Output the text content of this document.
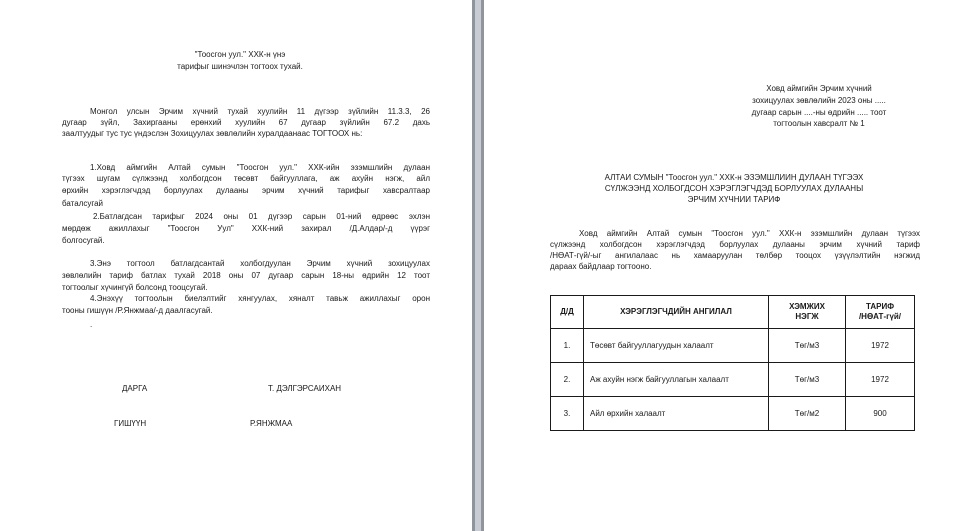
"Тоосгон уул." ХХК-н үнэ
тарифыг шинэчлэн тогтоох тухай.
Монгол улсын Эрчим хүчний тухай хуулийн 11 дүгээр зүйлийн 11.3.3, 26
дугаар зүйл, Захиргааны ерөнхий хуулийн 67 дугаар зүйлийн 67.2 дахь
заалтуудыг тус тус үндэслэн Зохицуулах зөвлөлийн хуралдаанаас ТОГТООХ нь:
1.Ховд аймгийн Алтай сумын "Тоосгон уул." ХХК-ийн эзэмшлийн дулаан
түгээх шугам сүлжээнд холбогдсон төсөвт байгууллага, аж ахуйн нэгж, айл
өрхийн хэрэглэгчдэд борлуулах дулааны эрчим хүчний тарифыг хавсралтаар
баталсугай
2.Батлагдсан тарифыг 2024 оны 01 дүгээр сарын 01-ний өдрөөс эхлэн
мөрдөж ажиллахыг "Тоосгон Уул" ХХК-ний захирал /Д.Алдар/-д үүрэг
болгосугай.
3.Энэ тогтоол батлагдсантай холбогдуулан Эрчим хүчний зохицуулах
зөвлөлийн тариф батлах тухай 2018 оны 07 дугаар сарын 18-ны өдрийн 12 тоот
тогтоолыг хүчингүй болсонд тооцсугай.
4.Энэхүү тогтоолын биелэлтийг хянгуулах, хяналт тавьж ажиллахыг орон
тооны гишүүн /Р.Янжмаа/-д даалгасугай.
.
ДАРГА	Т. ДЭЛГЭРСАИХАН
ГИШҮҮН	Р.ЯНЖМАА
Ховд аймгийн Эрчим хүчний
зохицуулах зөвлөлийн 2023 оны .....
дугаар сарын ....-ны өдрийн ..... тоот
тогтоолын хавсралт № 1
АЛТАИ СУМЫН "Тоосгон уул." ХХК-н ЭЗЭМШЛИИН ДУЛААН ТҮГЭЭХ
СҮЛЖЭЭНД ХОЛБОГДСОН ХЭРЭГЛЭГЧДЭД БОРЛУУЛАХ ДУЛААНЫ
ЭРЧИМ ХҮЧНИИ ТАРИФ
Ховд аймгийн Алтай сумын "Тоосгон уул." ХХК-н эзэмшлийн дулаан түгээх
сүлжээнд холбогдсон хэрэглэгчдэд борлуулах дулааны эрчим хүчний тариф
/НӨАТ-гүй/-ыг ангилалаас нь хамааруулан төлбөр тооцох үзүүлэлтийн нэгжид
дараах байдлаар тогтооно.
Д/Д	ХЭРЭГЛЭГЧДИЙН АНГИЛАЛ	ХЭМЖИХ
НЭГЖ	ТАРИФ
/НӨАТ-гүй/
1.	Төсөвт байгууллагуудын халаалт	Төг/м3	1972
2.	Аж ахуйн нэгж байгууллагын халаалт	Төг/м3	1972
3.	Айл өрхийн халаалт	Төг/м2	900
